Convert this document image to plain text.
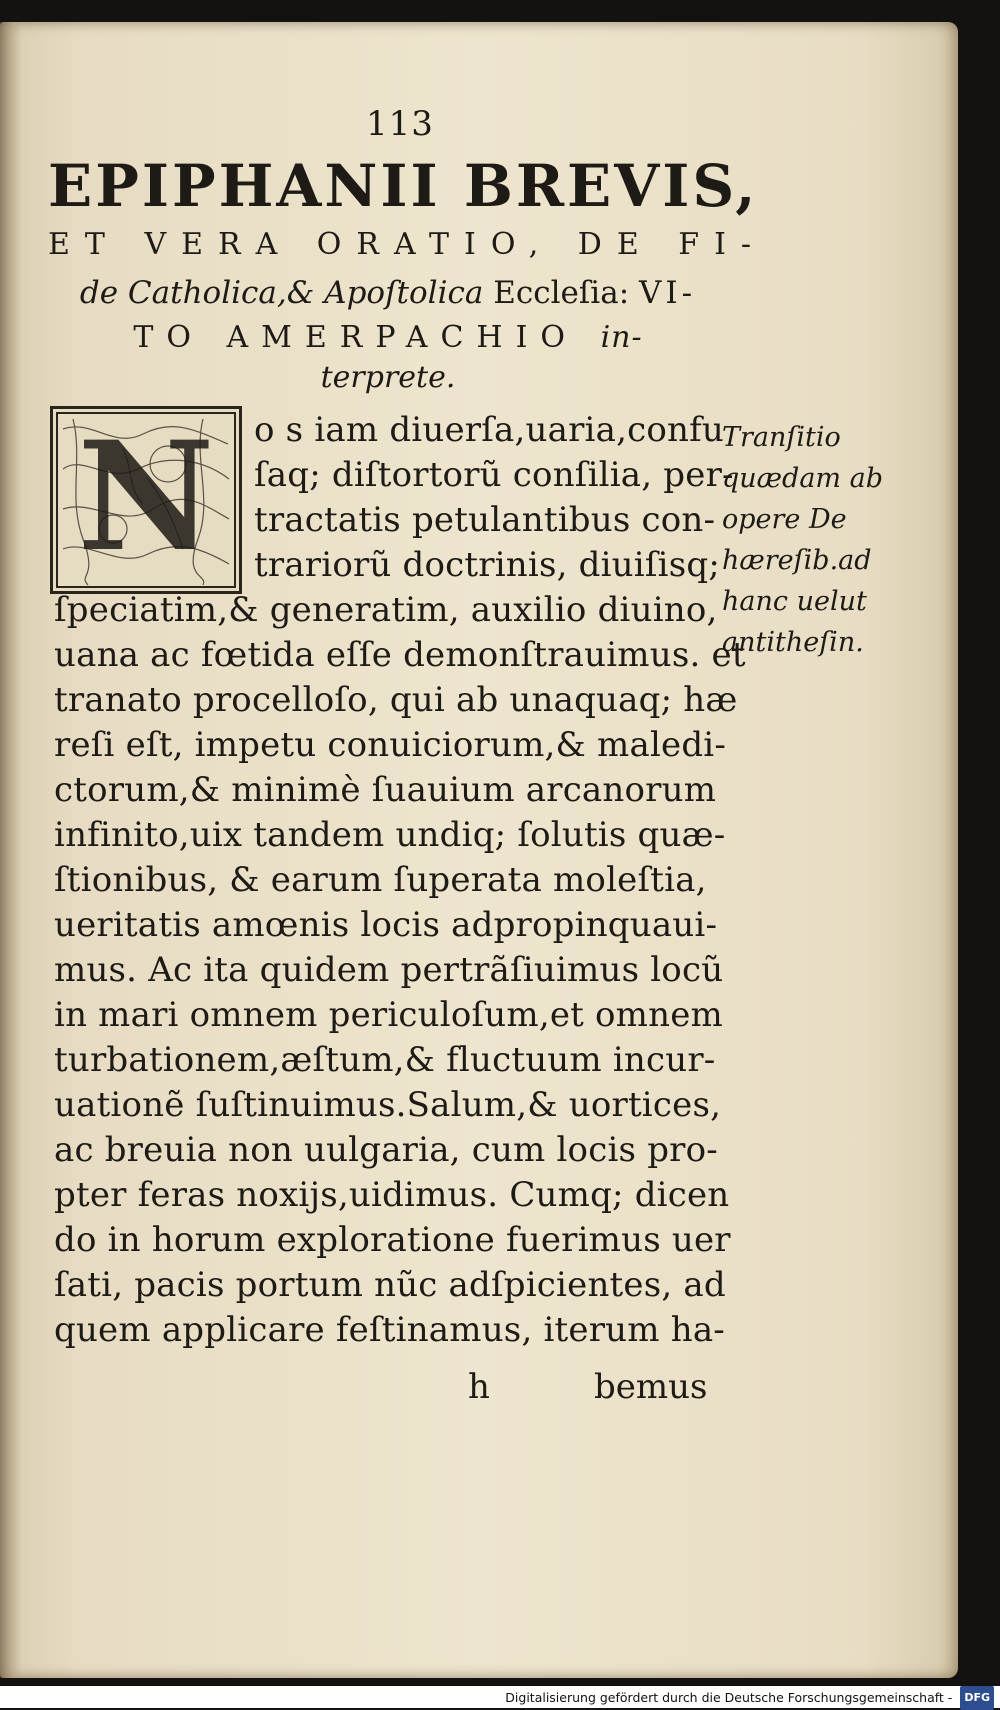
113
EPIPHANII BREVIS,
ET VERA ORATIO, DE FI-
de Catholica,& Apoſtolica Eccleſia: VI-
TO AMERPACHIO in-
terprete.
N o s iam diuerſa,uaria,confu
ſaq; diſtortorũ conſilia, per-
tractatis petulantibus con-
trariorũ doctrinis, diuiſisq;
ſpeciatim,& generatim, auxilio diuino,
uana ac fœtida eſſe demonſtrauimus. et
tranato procelloſo, qui ab unaquaq; hæ
reſi eſt, impetu conuiciorum,& maledi-
ctorum,& minimè ſuauium arcanorum
infinito,uix tandem undiq; ſolutis quæ-
ſtionibus, & earum ſuperata moleſtia,
ueritatis amœnis locis adpropinquaui-
mus. Ac ita quidem pertrãſiuimus locũ
in mari omnem periculoſum,et omnem
turbationem,æſtum,& fluctuum incur-
uationẽ ſuſtinuimus.Salum,& uortices,
ac breuia non uulgaria, cum locis pro-
pter feras noxijs,uidimus. Cumq; dicen
do in horum exploratione fuerimus uer
ſati, pacis portum nũc adſpicientes, ad
quem applicare feſtinamus, iterum ha-
h	bemus
Tranſitio
quædam ab
opere De
hæreſib.ad
hanc uelut
antitheſin.
Digitalisierung gefördert durch die Deutsche Forschungsgemeinschaft - DFG
